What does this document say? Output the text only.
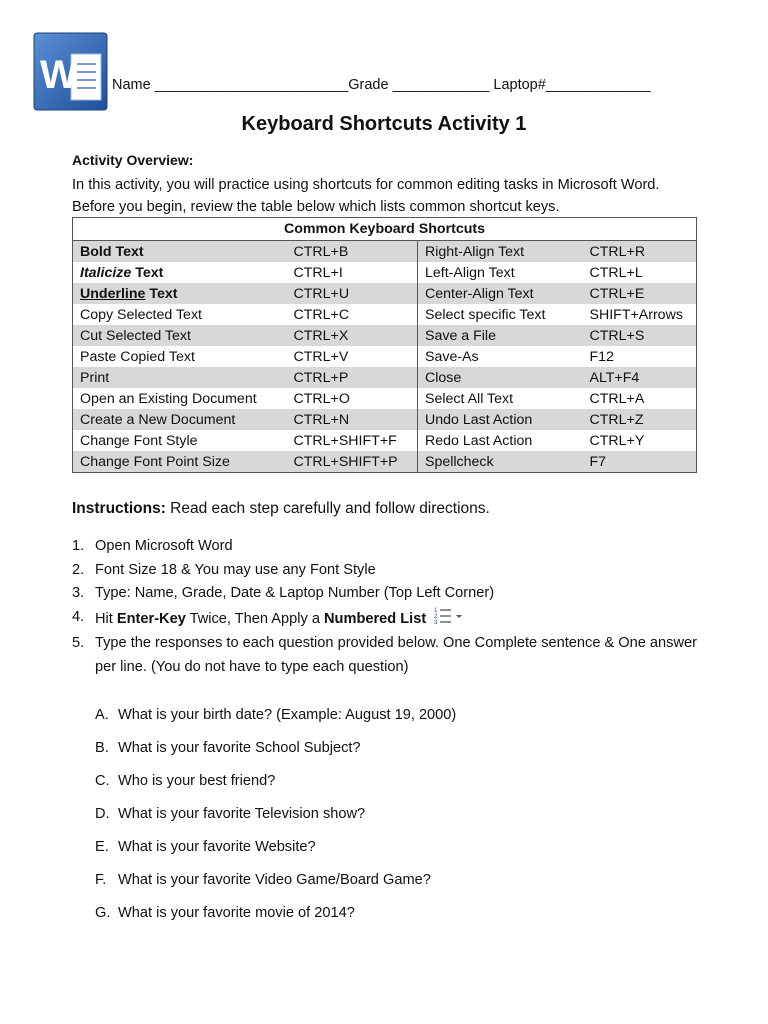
W Name ________________________Grade ____________ Laptop#_____________
Keyboard Shortcuts Activity 1
Activity Overview:
In this activity, you will practice using shortcuts for common editing tasks in Microsoft Word. Before you begin, review the table below which lists common shortcut keys.
Common Keyboard Shortcuts			
Bold Text	CTRL+B	Right-Align Text	CTRL+R
Italicize Text	CTRL+I	Left-Align Text	CTRL+L
Underline Text	CTRL+U	Center-Align Text	CTRL+E
Copy Selected Text	CTRL+C	Select specific Text	SHIFT+Arrows
Cut Selected Text	CTRL+X	Save a File	CTRL+S
Paste Copied Text	CTRL+V	Save-As	F12
Print	CTRL+P	Close	ALT+F4
Open an Existing Document	CTRL+O	Select All Text	CTRL+A
Create a New Document	CTRL+N	Undo Last Action	CTRL+Z
Change Font Style	CTRL+SHIFT+F	Redo Last Action	CTRL+Y
Change Font Point Size	CTRL+SHIFT+P	Spellcheck	F7
Instructions: Read each step carefully and follow directions.
1. Open Microsoft Word
2. Font Size 18 & You may use any Font Style
3. Type: Name, Grade, Date & Laptop Number (Top Left Corner)
4. Hit Enter-Key Twice, Then Apply a Numbered List
1
2
3
5. Type the responses to each question provided below. One Complete sentence & One answer per line. (You do not have to type each question)
A. What is your birth date? (Example: August 19, 2000)
B. What is your favorite School Subject?
C. Who is your best friend?
D. What is your favorite Television show?
E. What is your favorite Website?
F. What is your favorite Video Game/Board Game?
G. What is your favorite movie of 2014?
